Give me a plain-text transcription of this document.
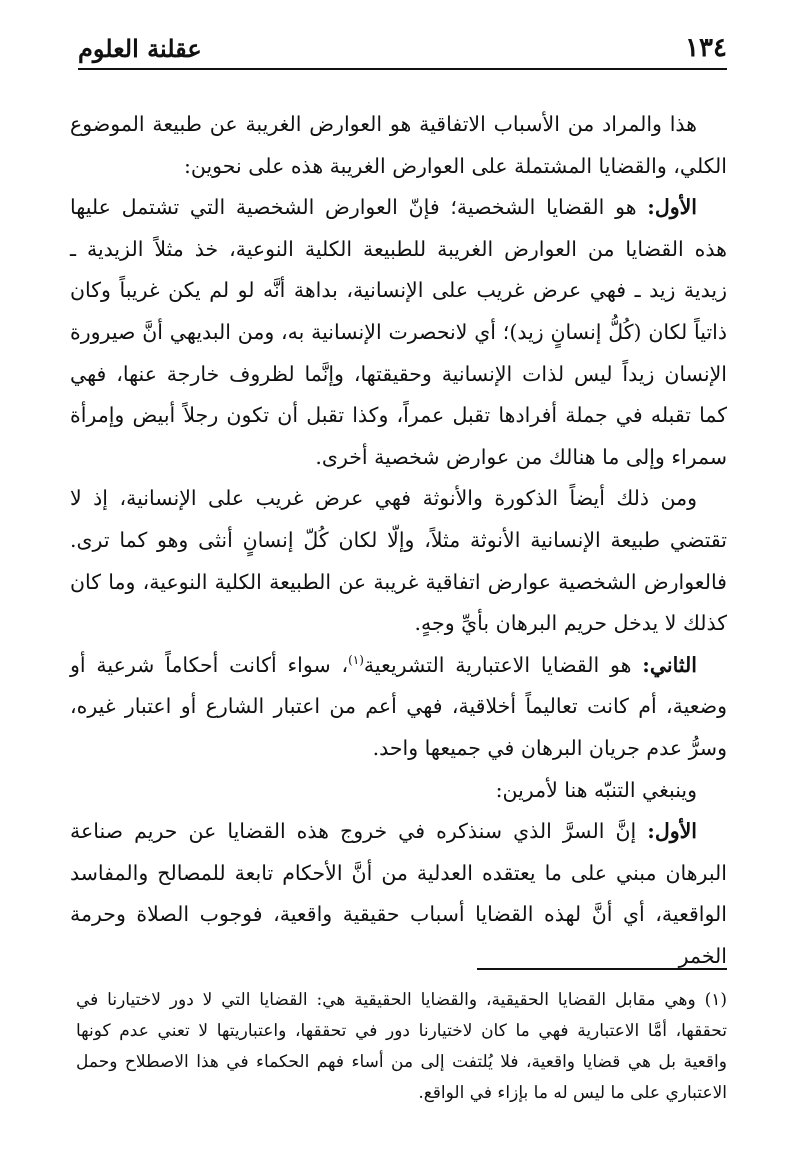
١٣٤
عقلنة العلوم

هذا والمراد من الأسباب الاتفاقية هو العوارض الغريبة عن طبيعة الموضوع الكلي، والقضايا المشتملة على العوارض الغريبة هذه على نحوين:

الأول: هو القضايا الشخصية؛ فإنّ العوارض الشخصية التي تشتمل عليها هذه القضايا من العوارض الغريبة للطبيعة الكلية النوعية، خذ مثلاً الزيدية ـ زيدية زيد ـ فهي عرض غريب على الإنسانية، بداهة أنَّه لو لم يكن غريباً وكان ذاتياً لكان (كُلُّ إنسانٍ زيد)؛ أي لانحصرت الإنسانية به، ومن البديهي أنَّ صيرورة الإنسان زيداً ليس لذات الإنسانية وحقيقتها، وإنَّما لظروف خارجة عنها، فهي كما تقبله في جملة أفرادها تقبل عمراً، وكذا تقبل أن تكون رجلاً أبيض وإمرأة سمراء وإلى ما هنالك من عوارض شخصية أخرى.

ومن ذلك أيضاً الذكورة والأنوثة فهي عرض غريب على الإنسانية، إذ لا تقتضي طبيعة الإنسانية الأنوثة مثلاً، وإلّا لكان كُلّ إنسانٍ أنثى وهو كما ترى. فالعوارض الشخصية عوارض اتفاقية غريبة عن الطبيعة الكلية النوعية، وما كان كذلك لا يدخل حريم البرهان بأيِّ وجهٍ.

الثاني: هو القضايا الاعتبارية التشريعية$^{(١)}$، سواء أكانت أحكاماً شرعية أو وضعية، أم كانت تعاليماً أخلاقية، فهي أعم من اعتبار الشارع أو اعتبار غيره، وسرُّ عدم جريان البرهان في جميعها واحد.

وينبغي التنبّه هنا لأمرين:

الأول: إنَّ السرَّ الذي سنذكره في خروج هذه القضايا عن حريم صناعة البرهان مبني على ما يعتقده العدلية من أنَّ الأحكام تابعة للمصالح والمفاسد الواقعية، أي أنَّ لهذه القضايا أسباب حقيقية واقعية، فوجوب الصلاة وحرمة الخمر

(١) وهي مقابل القضايا الحقيقية، والقضايا الحقيقية هي: القضايا التي لا دور لاختيارنا في تحققها، أمَّا الاعتبارية فهي ما كان لاختيارنا دور في تحققها، واعتباريتها لا تعني عدم كونها واقعية بل هي قضايا واقعية، فلا يُلتفت إلى من أساء فهم الحكماء في هذا الاصطلاح وحمل الاعتباري على ما ليس له ما بإزاء في الواقع.
